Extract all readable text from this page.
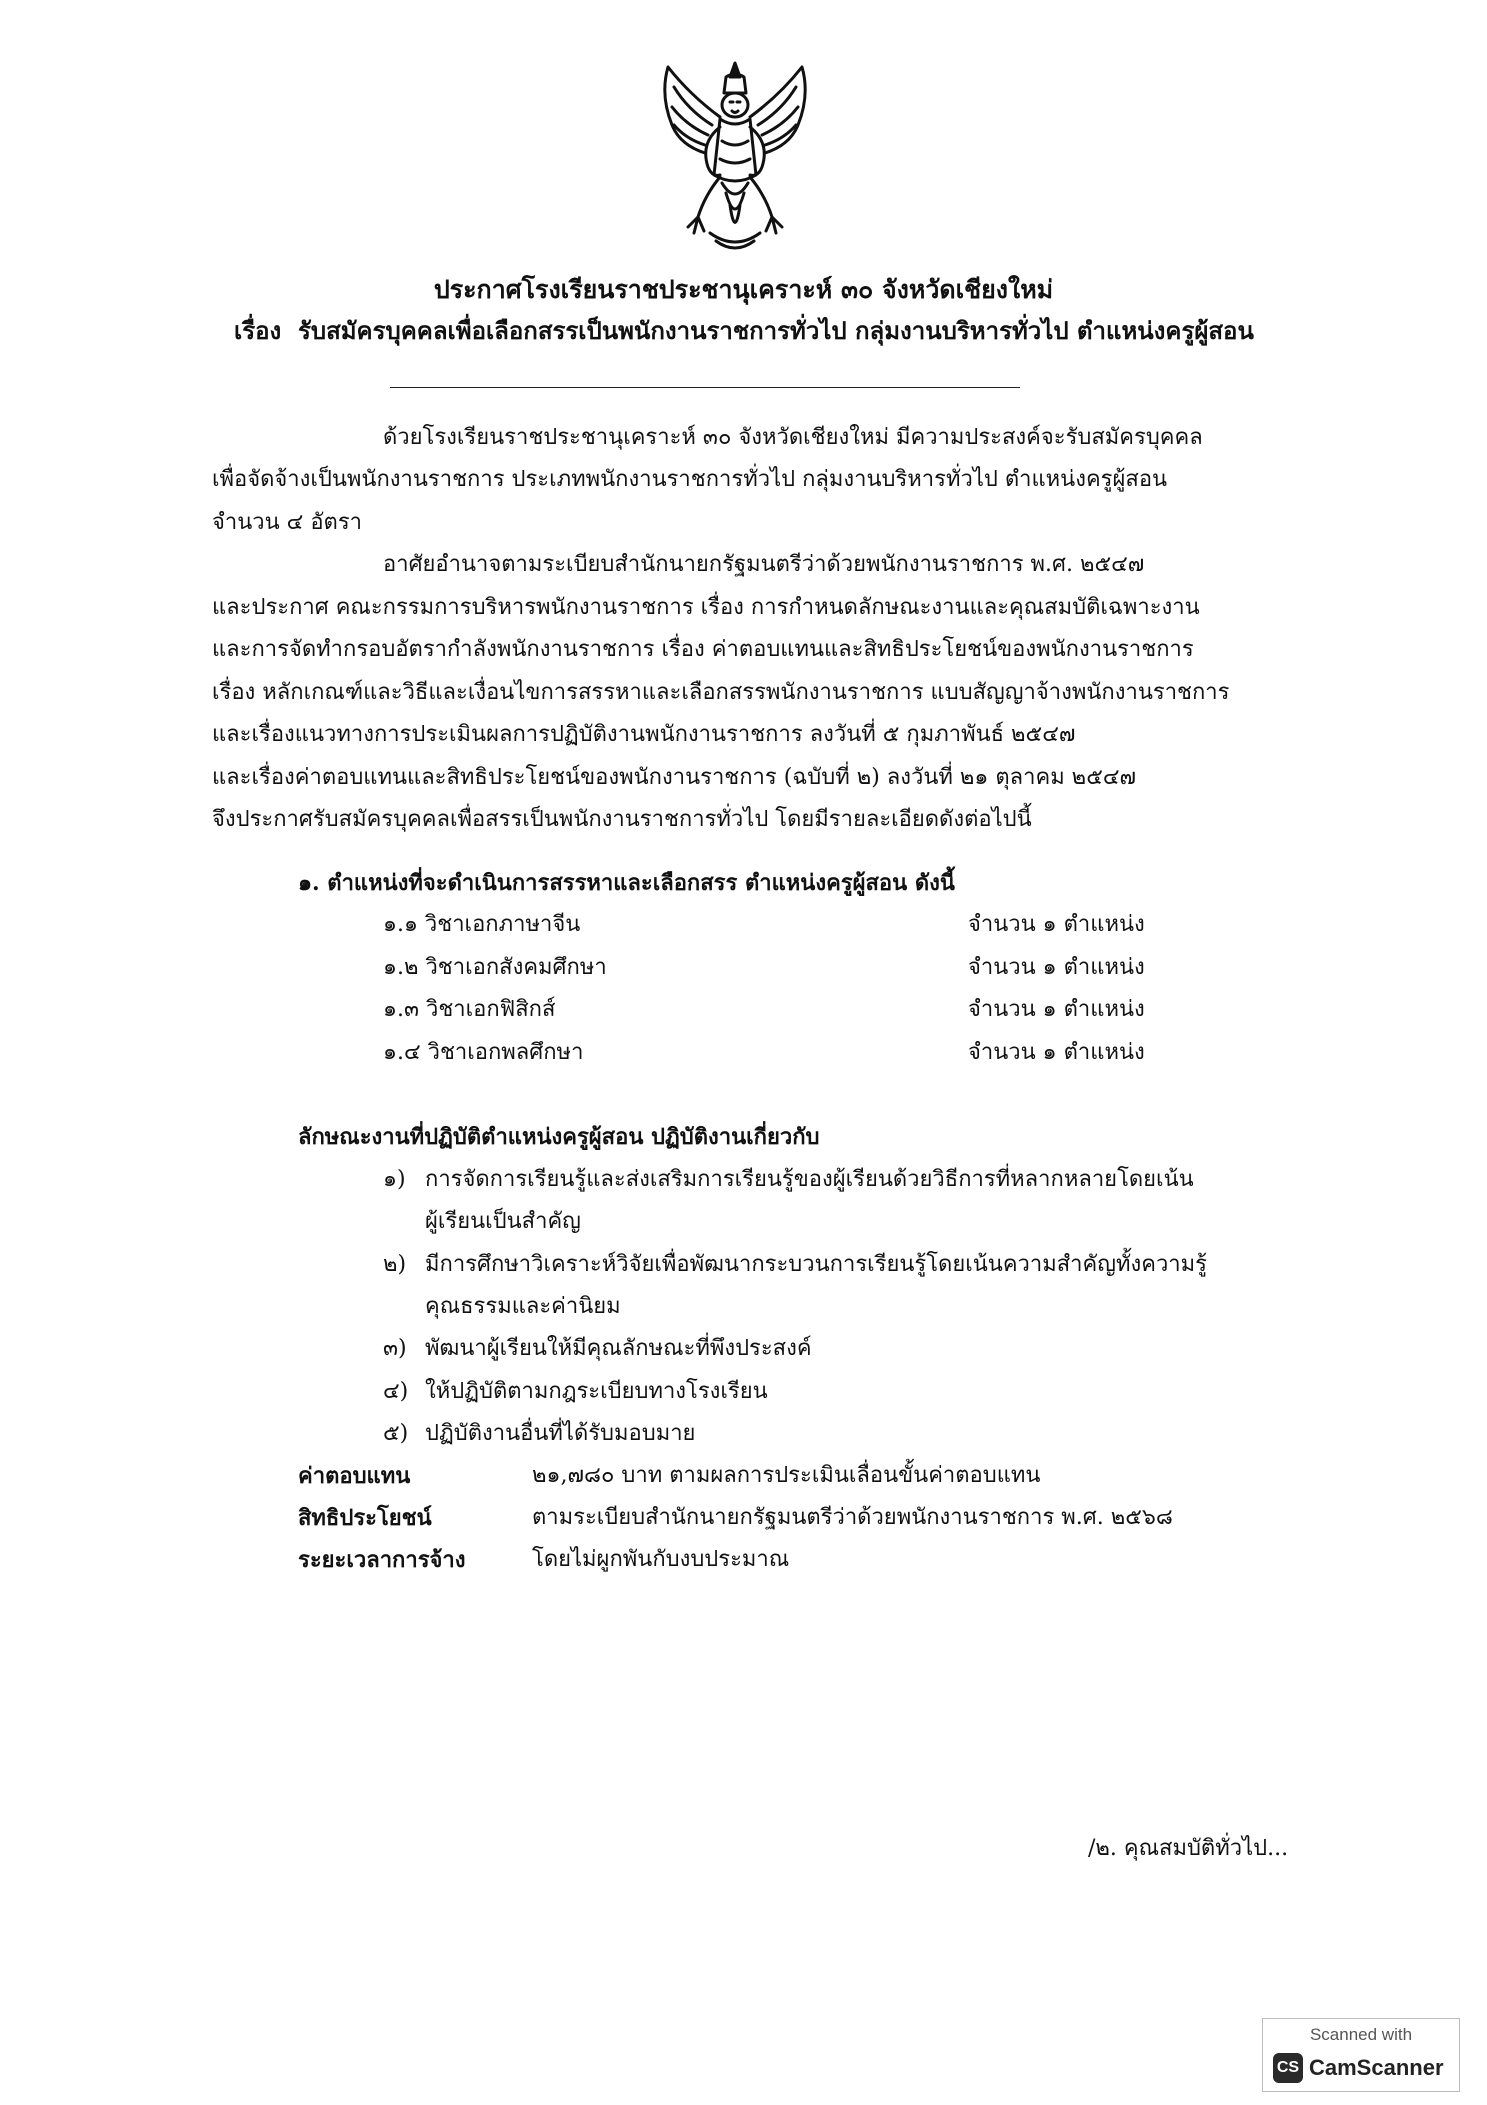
ประกาศโรงเรียนราชประชานุเคราะห์ ๓๐ จังหวัดเชียงใหม่
เรื่อง รับสมัครบุคคลเพื่อเลือกสรรเป็นพนักงานราชการทั่วไป กลุ่มงานบริหารทั่วไป ตำแหน่งครูผู้สอน
ด้วยโรงเรียนราชประชานุเคราะห์ ๓๐ จังหวัดเชียงใหม่ มีความประสงค์จะรับสมัครบุคคล
เพื่อจัดจ้างเป็นพนักงานราชการ ประเภทพนักงานราชการทั่วไป กลุ่มงานบริหารทั่วไป ตำแหน่งครูผู้สอน
จำนวน ๔ อัตรา
อาศัยอำนาจตามระเบียบสำนักนายกรัฐมนตรีว่าด้วยพนักงานราชการ พ.ศ. ๒๕๔๗
และประกาศ คณะกรรมการบริหารพนักงานราชการ เรื่อง การกำหนดลักษณะงานและคุณสมบัติเฉพาะงาน
และการจัดทำกรอบอัตรากำลังพนักงานราชการ เรื่อง ค่าตอบแทนและสิทธิประโยชน์ของพนักงานราชการ
เรื่อง หลักเกณฑ์และวิธีและเงื่อนไขการสรรหาและเลือกสรรพนักงานราชการ แบบสัญญาจ้างพนักงานราชการ
และเรื่องแนวทางการประเมินผลการปฏิบัติงานพนักงานราชการ ลงวันที่ ๕ กุมภาพันธ์ ๒๕๔๗
และเรื่องค่าตอบแทนและสิทธิประโยชน์ของพนักงานราชการ (ฉบับที่ ๒) ลงวันที่ ๒๑ ตุลาคม ๒๕๔๗
จึงประกาศรับสมัครบุคคลเพื่อสรรเป็นพนักงานราชการทั่วไป โดยมีรายละเอียดดังต่อไปนี้
๑. ตำแหน่งที่จะดำเนินการสรรหาและเลือกสรร ตำแหน่งครูผู้สอน ดังนี้
๑.๑ วิชาเอกภาษาจีน	จำนวน ๑ ตำแหน่ง
๑.๒ วิชาเอกสังคมศึกษา	จำนวน ๑ ตำแหน่ง
๑.๓ วิชาเอกฟิสิกส์	จำนวน ๑ ตำแหน่ง
๑.๔ วิชาเอกพลศึกษา	จำนวน ๑ ตำแหน่ง
ลักษณะงานที่ปฏิบัติตำแหน่งครูผู้สอน ปฏิบัติงานเกี่ยวกับ
๑) การจัดการเรียนรู้และส่งเสริมการเรียนรู้ของผู้เรียนด้วยวิธีการที่หลากหลายโดยเน้น
ผู้เรียนเป็นสำคัญ
๒) มีการศึกษาวิเคราะห์วิจัยเพื่อพัฒนากระบวนการเรียนรู้โดยเน้นความสำคัญทั้งความรู้
คุณธรรมและค่านิยม
๓) พัฒนาผู้เรียนให้มีคุณลักษณะที่พึงประสงค์
๔) ให้ปฏิบัติตามกฎระเบียบทางโรงเรียน
๕) ปฏิบัติงานอื่นที่ได้รับมอบมาย
ค่าตอบแทน	๒๑,๗๘๐ บาท ตามผลการประเมินเลื่อนขั้นค่าตอบแทน
สิทธิประโยชน์	ตามระเบียบสำนักนายกรัฐมนตรีว่าด้วยพนักงานราชการ พ.ศ. ๒๕๖๘
ระยะเวลาการจ้าง	โดยไม่ผูกพันกับงบประมาณ
/๒. คุณสมบัติทั่วไป...
Scanned with
CS CamScanner
